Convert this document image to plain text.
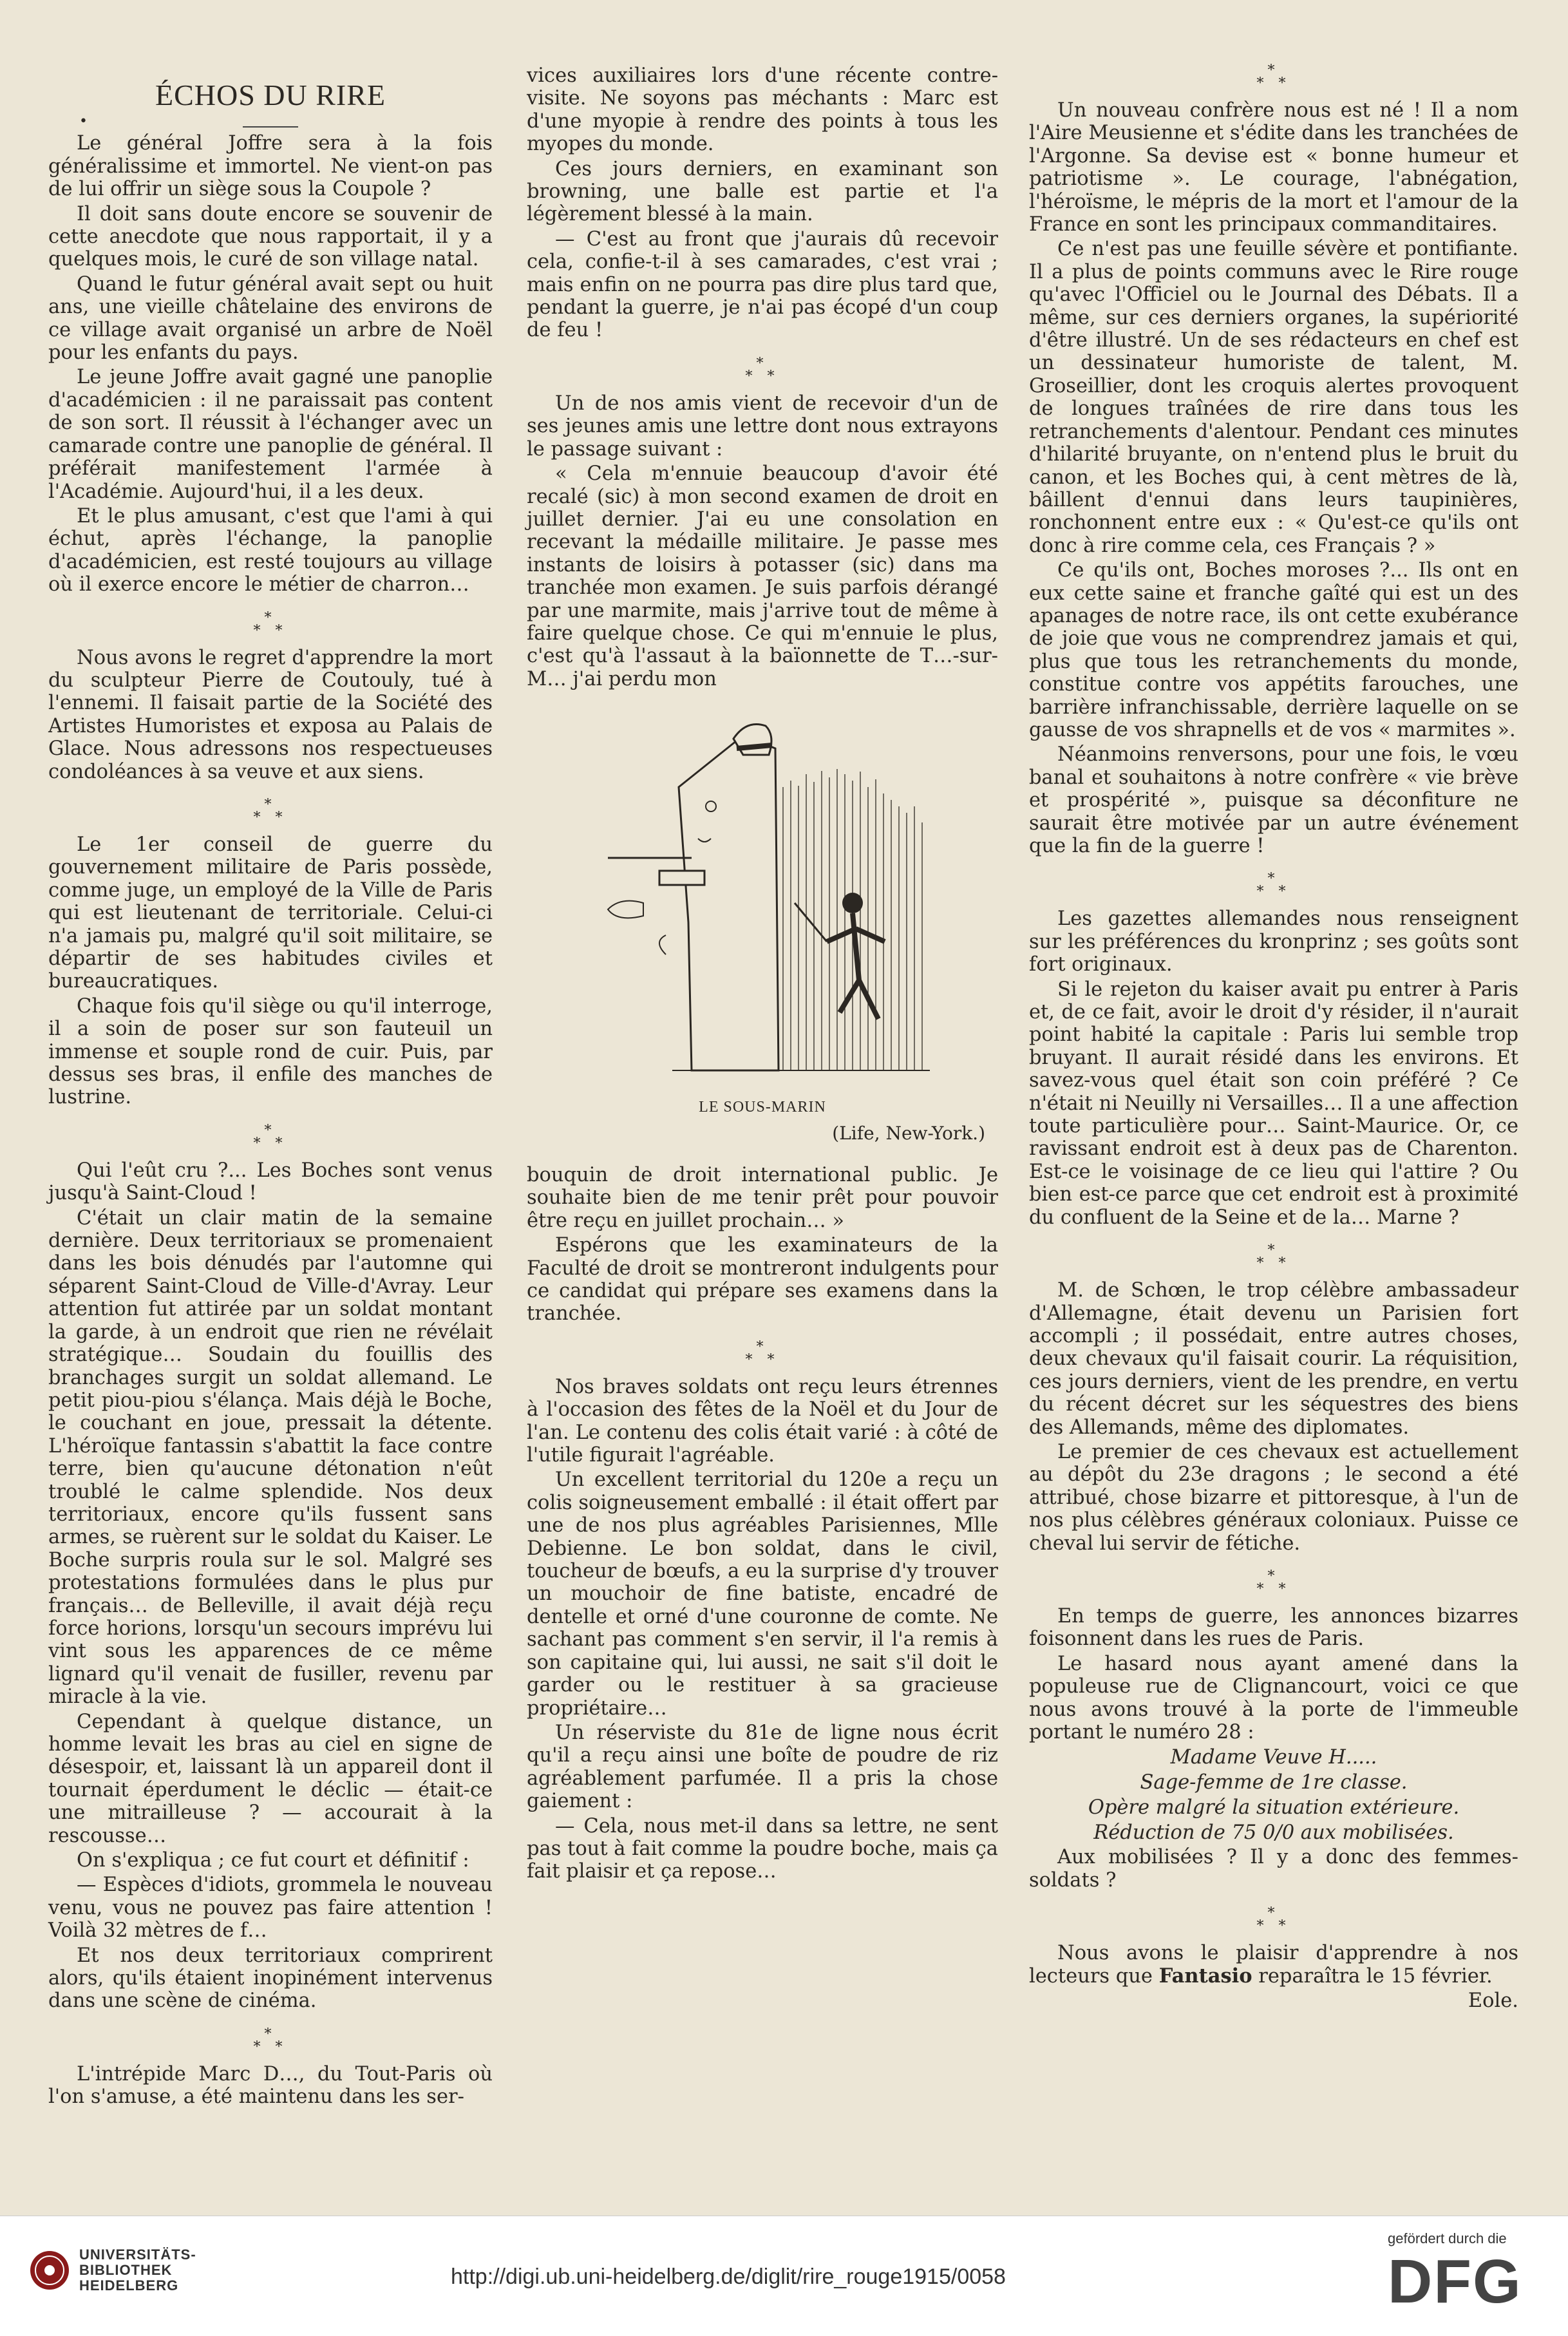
ÉCHOS DU RIRE
•

Le général Joffre sera à la fois généralissime et immortel. Ne vient-on pas de lui offrir un siège sous la Coupole ?

Il doit sans doute encore se souvenir de cette anecdote que nous rapportait, il y a quelques mois, le curé de son village natal.

Quand le futur général avait sept ou huit ans, une vieille châtelaine des environs de ce village avait organisé un arbre de Noël pour les enfants du pays.

Le jeune Joffre avait gagné une panoplie d'académicien : il ne paraissait pas content de son sort. Il réussit à l'échanger avec un camarade contre une panoplie de général. Il préférait manifestement l'armée à l'Académie. Aujourd'hui, il a les deux.

Et le plus amusant, c'est que l'ami à qui échut, après l'échange, la panoplie d'académicien, est resté toujours au village où il exerce encore le métier de charron…

*
* *

Nous avons le regret d'apprendre la mort du sculpteur Pierre de Coutouly, tué à l'ennemi. Il faisait partie de la Société des Artistes Humoristes et exposa au Palais de Glace. Nous adressons nos respectueuses condoléances à sa veuve et aux siens.

*
* *

Le 1er conseil de guerre du gouvernement militaire de Paris possède, comme juge, un employé de la Ville de Paris qui est lieutenant de territoriale. Celui-ci n'a jamais pu, malgré qu'il soit militaire, se départir de ses habitudes civiles et bureaucratiques.

Chaque fois qu'il siège ou qu'il interroge, il a soin de poser sur son fauteuil un immense et souple rond de cuir. Puis, par dessus ses bras, il enfile des manches de lustrine.

*
* *

Qui l'eût cru ?... Les Boches sont venus jusqu'à Saint-Cloud !

C'était un clair matin de la semaine dernière. Deux territoriaux se promenaient dans les bois dénudés par l'automne qui séparent Saint-Cloud de Ville-d'Avray. Leur attention fut attirée par un soldat montant la garde, à un endroit que rien ne révélait stratégique… Soudain du fouillis des branchages surgit un soldat allemand. Le petit piou-piou s'élança. Mais déjà le Boche, le couchant en joue, pressait la détente. L'héroïque fantassin s'abattit la face contre terre, bien qu'aucune détonation n'eût troublé le calme splendide. Nos deux territoriaux, encore qu'ils fussent sans armes, se ruèrent sur le soldat du Kaiser. Le Boche surpris roula sur le sol. Malgré ses protestations formulées dans le plus pur français… de Belleville, il avait déjà reçu force horions, lorsqu'un secours imprévu lui vint sous les apparences de ce même lignard qu'il venait de fusiller, revenu par miracle à la vie.

Cependant à quelque distance, un homme levait les bras au ciel en signe de désespoir, et, laissant là un appareil dont il tournait éperdument le déclic — était-ce une mitrailleuse ? — accourait à la rescousse…

On s'expliqua ; ce fut court et définitif :

— Espèces d'idiots, grommela le nouveau venu, vous ne pouvez pas faire attention ! Voilà 32 mètres de f…

Et nos deux territoriaux comprirent alors, qu'ils étaient inopinément intervenus dans une scène de cinéma.

*
* *

L'intrépide Marc D…, du Tout-Paris où l'on s'amuse, a été maintenu dans les ser-

vices auxiliaires lors d'une récente contre-visite. Ne soyons pas méchants : Marc est d'une myopie à rendre des points à tous les myopes du monde.

Ces jours derniers, en examinant son browning, une balle est partie et l'a légèrement blessé à la main.

— C'est au front que j'aurais dû recevoir cela, confie-t-il à ses camarades, c'est vrai ; mais enfin on ne pourra pas dire plus tard que, pendant la guerre, je n'ai pas écopé d'un coup de feu !

*
* *

Un de nos amis vient de recevoir d'un de ses jeunes amis une lettre dont nous extrayons le passage suivant :

« Cela m'ennuie beaucoup d'avoir été recalé (sic) à mon second examen de droit en juillet dernier. J'ai eu une consolation en recevant la médaille militaire. Je passe mes instants de loisirs à potasser (sic) dans ma tranchée mon examen. Je suis parfois dérangé par une marmite, mais j'arrive tout de même à faire quelque chose. Ce qui m'ennuie le plus, c'est qu'à l'assaut à la baïonnette de T…-sur-M… j'ai perdu mon

LE SOUS-MARIN
(Life, New-York.)

bouquin de droit international public. Je souhaite bien de me tenir prêt pour pouvoir être reçu en juillet prochain… »

Espérons que les examinateurs de la Faculté de droit se montreront indulgents pour ce candidat qui prépare ses examens dans la tranchée.

*
* *

Nos braves soldats ont reçu leurs étrennes à l'occasion des fêtes de la Noël et du Jour de l'an. Le contenu des colis était varié : à côté de l'utile figurait l'agréable.

Un excellent territorial du 120e a reçu un colis soigneusement emballé : il était offert par une de nos plus agréables Parisiennes, Mlle Debienne. Le bon soldat, dans le civil, toucheur de bœufs, a eu la surprise d'y trouver un mouchoir de fine batiste, encadré de dentelle et orné d'une couronne de comte. Ne sachant pas comment s'en servir, il l'a remis à son capitaine qui, lui aussi, ne sait s'il doit le garder ou le restituer à sa gracieuse propriétaire…

Un réserviste du 81e de ligne nous écrit qu'il a reçu ainsi une boîte de poudre de riz agréablement parfumée. Il a pris la chose gaiement :

— Cela, nous met-il dans sa lettre, ne sent pas tout à fait comme la poudre boche, mais ça fait plaisir et ça repose…

*
* *

Un nouveau confrère nous est né ! Il a nom l'Aire Meusienne et s'édite dans les tranchées de l'Argonne. Sa devise est « bonne humeur et patriotisme ». Le courage, l'abnégation, l'héroïsme, le mépris de la mort et l'amour de la France en sont les principaux commanditaires.

Ce n'est pas une feuille sévère et pontifiante. Il a plus de points communs avec le Rire rouge qu'avec l'Officiel ou le Journal des Débats. Il a même, sur ces derniers organes, la supériorité d'être illustré. Un de ses rédacteurs en chef est un dessinateur humoriste de talent, M. Groseillier, dont les croquis alertes provoquent de longues traînées de rire dans tous les retranchements d'alentour. Pendant ces minutes d'hilarité bruyante, on n'entend plus le bruit du canon, et les Boches qui, à cent mètres de là, bâillent d'ennui dans leurs taupinières, ronchonnent entre eux : « Qu'est-ce qu'ils ont donc à rire comme cela, ces Français ? »

Ce qu'ils ont, Boches moroses ?... Ils ont en eux cette saine et franche gaîté qui est un des apanages de notre race, ils ont cette exubérance de joie que vous ne comprendrez jamais et qui, plus que tous les retranchements du monde, constitue contre vos appétits farouches, une barrière infranchissable, derrière laquelle on se gausse de vos shrapnells et de vos « marmites ».

Néanmoins renversons, pour une fois, le vœu banal et souhaitons à notre confrère « vie brève et prospérité », puisque sa déconfiture ne saurait être motivée par un autre événement que la fin de la guerre !

*
* *

Les gazettes allemandes nous renseignent sur les préférences du kronprinz ; ses goûts sont fort originaux.

Si le rejeton du kaiser avait pu entrer à Paris et, de ce fait, avoir le droit d'y résider, il n'aurait point habité la capitale : Paris lui semble trop bruyant. Il aurait résidé dans les environs. Et savez-vous quel était son coin préféré ? Ce n'était ni Neuilly ni Versailles… Il a une affection toute particulière pour… Saint-Maurice. Or, ce ravissant endroit est à deux pas de Charenton. Est-ce le voisinage de ce lieu qui l'attire ? Ou bien est-ce parce que cet endroit est à proximité du confluent de la Seine et de la… Marne ?

*
* *

M. de Schœn, le trop célèbre ambassadeur d'Allemagne, était devenu un Parisien fort accompli ; il possédait, entre autres choses, deux chevaux qu'il faisait courir. La réquisition, ces jours derniers, vient de les prendre, en vertu du récent décret sur les séquestres des biens des Allemands, même des diplomates.

Le premier de ces chevaux est actuellement au dépôt du 23e dragons ; le second a été attribué, chose bizarre et pittoresque, à l'un de nos plus célèbres généraux coloniaux. Puisse ce cheval lui servir de fétiche.

*
* *

En temps de guerre, les annonces bizarres foisonnent dans les rues de Paris.

Le hasard nous ayant amené dans la populeuse rue de Clignancourt, voici ce que nous avons trouvé à la porte de l'immeuble portant le numéro 28 :

Madame Veuve H.....
Sage-femme de 1re classe.
Opère malgré la situation extérieure.
Réduction de 75 0/0 aux mobilisées.

Aux mobilisées ? Il y a donc des femmes-soldats ?

*
* *

Nous avons le plaisir d'apprendre à nos lecteurs que Fantasio reparaîtra le 15 février.

Eole.
UNIVERSITÄTS-
BIBLIOTHEK
HEIDELBERG	http://digi.ub.uni-heidelberg.de/diglit/rire_rouge1915/0058
gefördert durch die
DFG
